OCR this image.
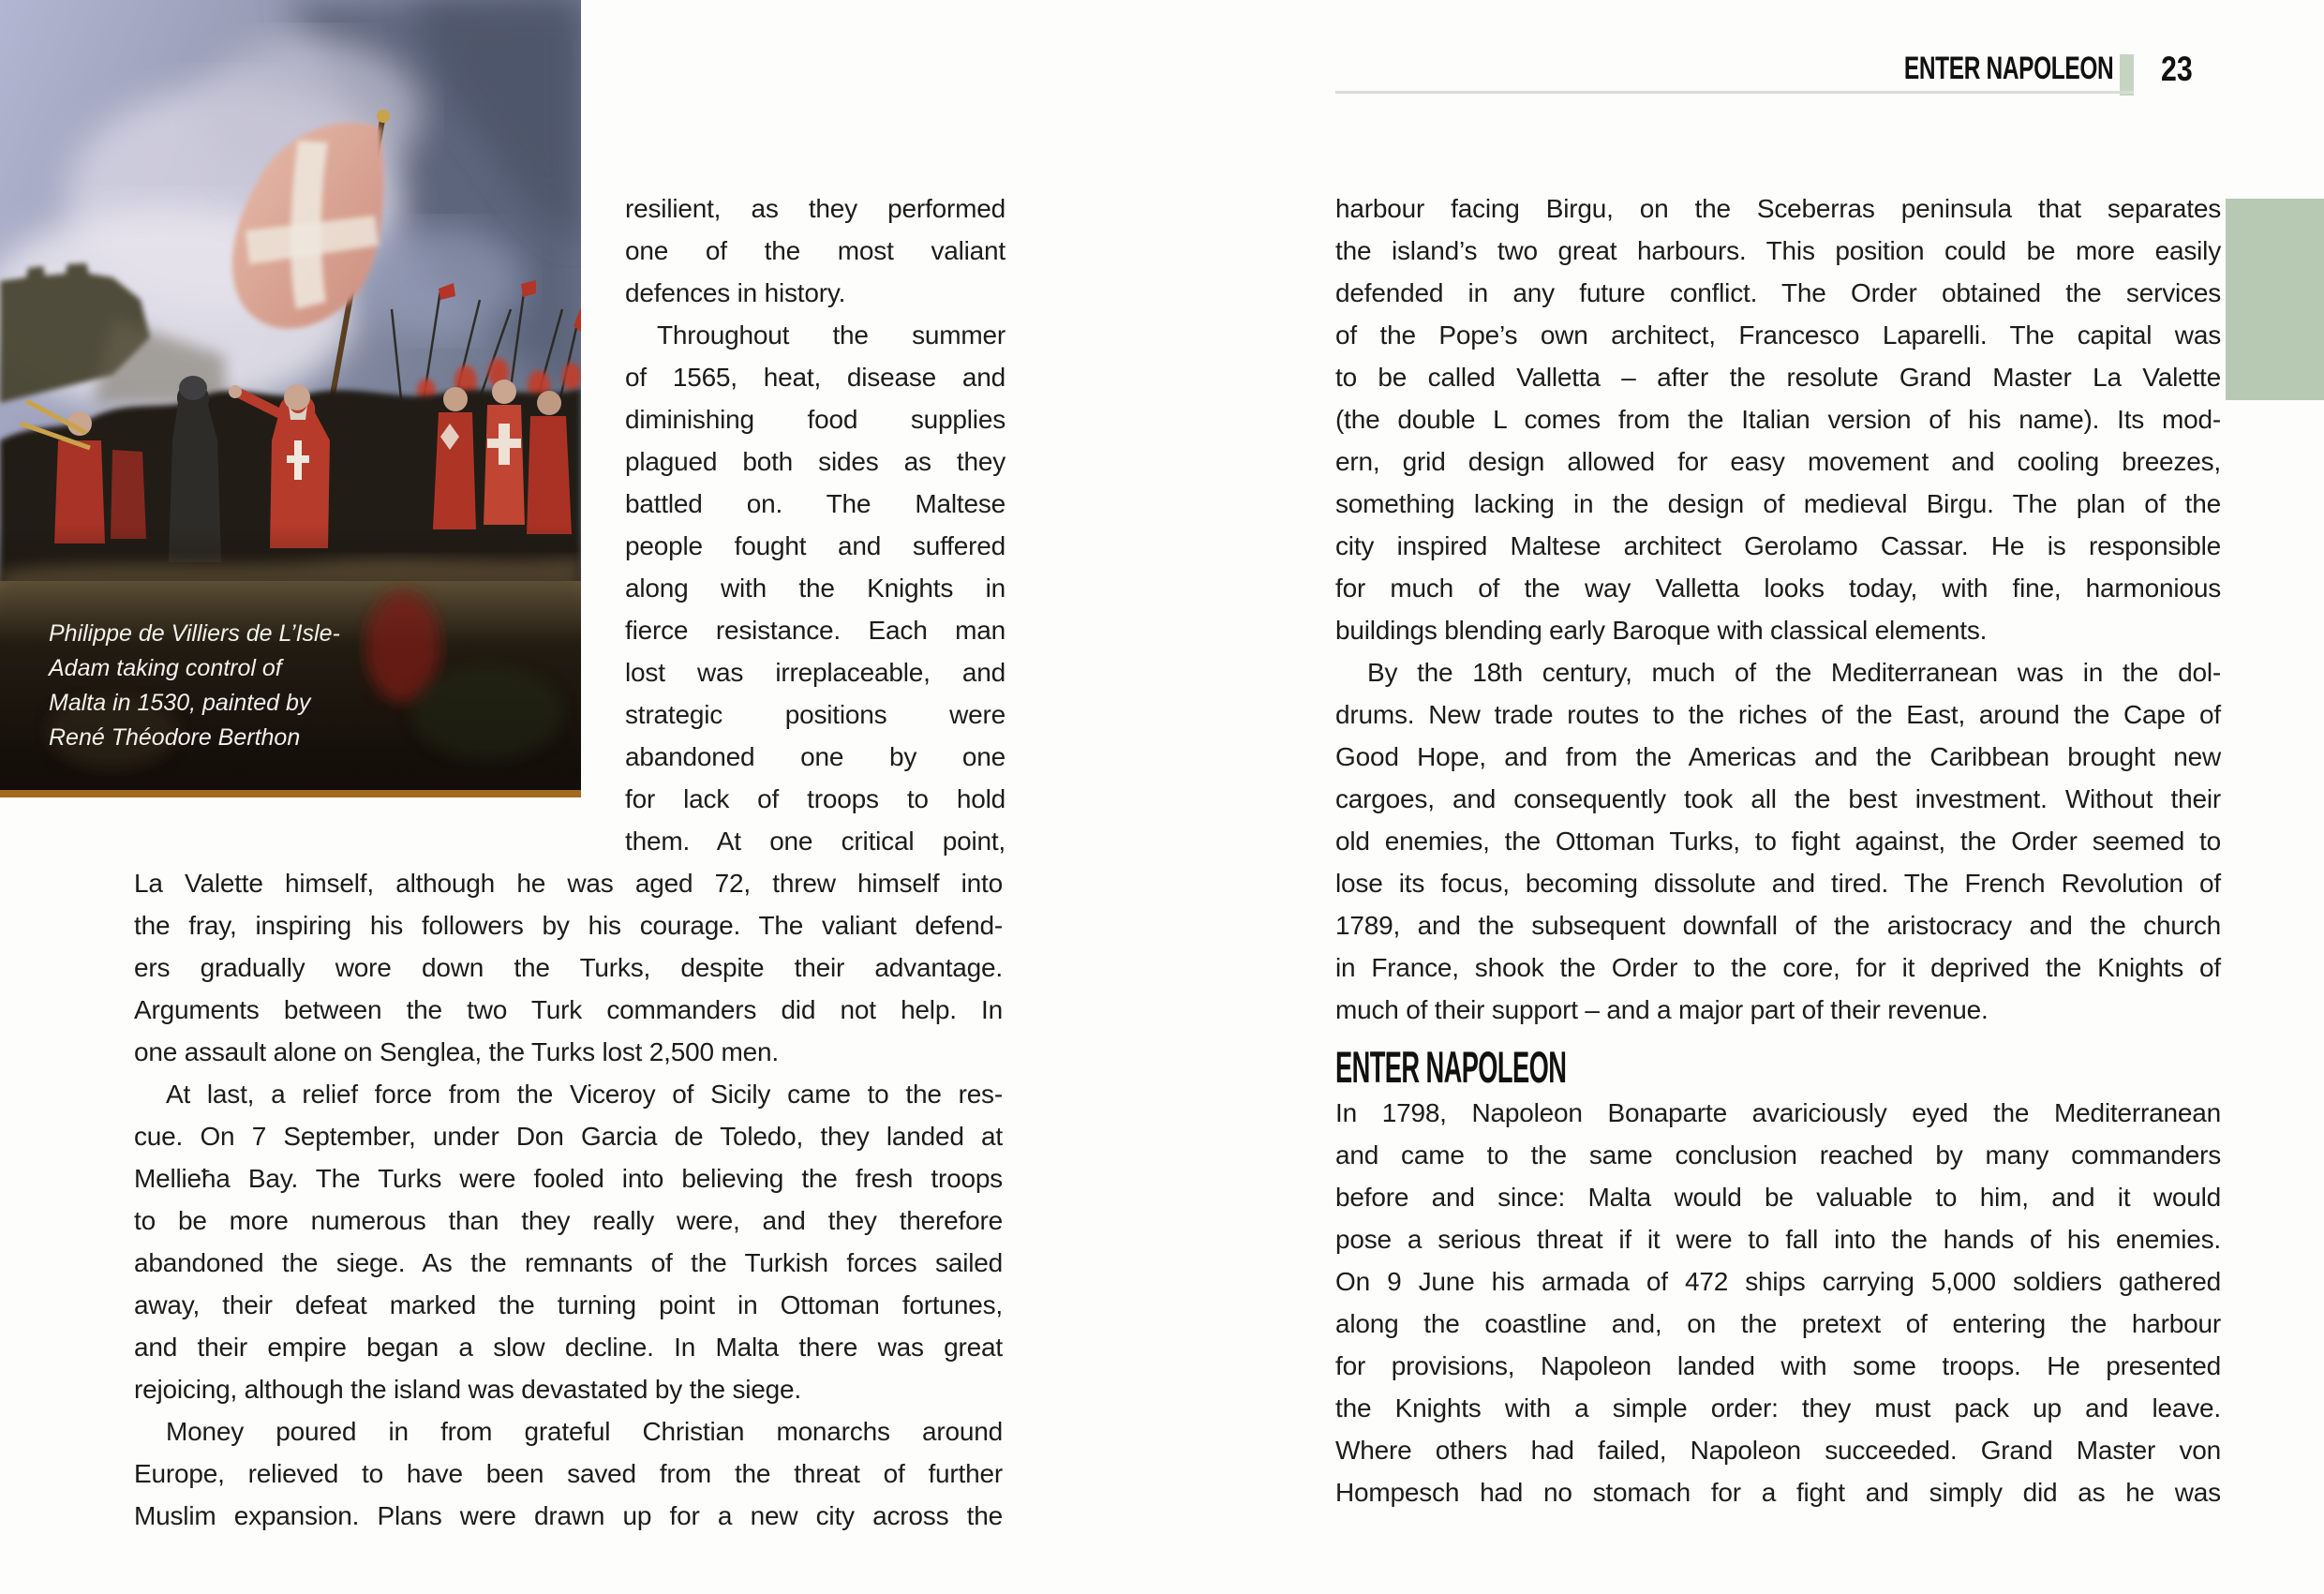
Philippe de Villiers de L’Isle-
Adam taking control of
Malta in 1530, painted by
René Théodore Berthon
resilient, as they performed
one of the most valiant
defences in history.
Throughout the summer
of 1565, heat, disease and
diminishing food supplies
plagued both sides as they
battled on. The Maltese
people fought and suffered
along with the Knights in
fierce resistance. Each man
lost was irreplaceable, and
strategic positions were
abandoned one by one
for lack of troops to hold
them. At one critical point,
La Valette himself, although he was aged 72, threw himself into
the fray, inspiring his followers by his courage. The valiant defend-
ers gradually wore down the Turks, despite their advantage.
Arguments between the two Turk commanders did not help. In
one assault alone on Senglea, the Turks lost 2,500 men.
At last, a relief force from the Viceroy of Sicily came to the res-
cue. On 7 September, under Don Garcia de Toledo, they landed at
Mellieħa Bay. The Turks were fooled into believing the fresh troops
to be more numerous than they really were, and they therefore
abandoned the siege. As the remnants of the Turkish forces sailed
away, their defeat marked the turning point in Ottoman fortunes,
and their empire began a slow decline. In Malta there was great
rejoicing, although the island was devastated by the siege.
Money poured in from grateful Christian monarchs around
Europe, relieved to have been saved from the threat of further
Muslim expansion. Plans were drawn up for a new city across the
ENTER NAPOLEON 23
harbour facing Birgu, on the Sceberras peninsula that separates
the island’s two great harbours. This position could be more easily
defended in any future conflict. The Order obtained the services
of the Pope’s own architect, Francesco Laparelli. The capital was
to be called Valletta – after the resolute Grand Master La Valette
(the double L comes from the Italian version of his name). Its mod-
ern, grid design allowed for easy movement and cooling breezes,
something lacking in the design of medieval Birgu. The plan of the
city inspired Maltese architect Gerolamo Cassar. He is responsible
for much of the way Valletta looks today, with fine, harmonious
buildings blending early Baroque with classical elements.
By the 18th century, much of the Mediterranean was in the dol-
drums. New trade routes to the riches of the East, around the Cape of
Good Hope, and from the Americas and the Caribbean brought new
cargoes, and consequently took all the best investment. Without their
old enemies, the Ottoman Turks, to fight against, the Order seemed to
lose its focus, becoming dissolute and tired. The French Revolution of
1789, and the subsequent downfall of the aristocracy and the church
in France, shook the Order to the core, for it deprived the Knights of
much of their support – and a major part of their revenue.
ENTER NAPOLEON
In 1798, Napoleon Bonaparte avariciously eyed the Mediterranean
and came to the same conclusion reached by many commanders
before and since: Malta would be valuable to him, and it would
pose a serious threat if it were to fall into the hands of his enemies.
On 9 June his armada of 472 ships carrying 5,000 soldiers gathered
along the coastline and, on the pretext of entering the harbour
for provisions, Napoleon landed with some troops. He presented
the Knights with a simple order: they must pack up and leave.
Where others had failed, Napoleon succeeded. Grand Master von
Hompesch had no stomach for a fight and simply did as he was
